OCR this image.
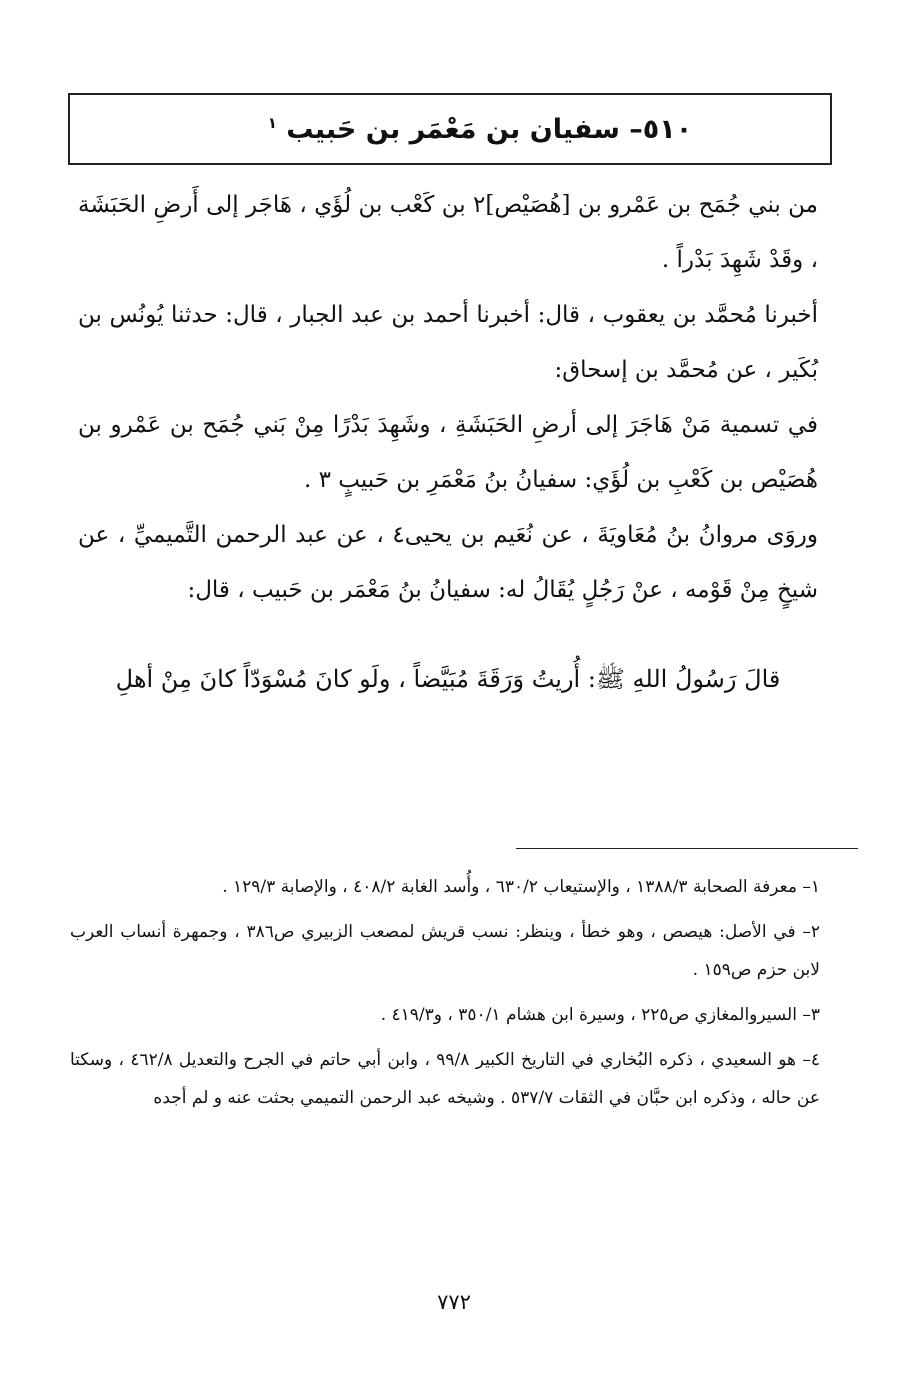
٥١٠– سفيان بن مَعْمَر بن حَبيب $^١$

من بني جُمَح بن عَمْرو بن [هُصَيْص]٢ بن كَعْب بن لُؤَي ، هَاجَر إلى أَرضِ الحَبَشَة ، وقَدْ شَهِدَ بَدْراً .

أخبرنا مُحمَّد بن يعقوب ، قال: أخبرنا أحمد بن عبد الجبار ، قال: حدثنا يُونُس بن بُكَير ، عن مُحمَّد بن إسحاق:

في تسمية مَنْ هَاجَرَ إلى أرضِ الحَبَشَةِ ، وشَهِدَ بَدْرًا مِنْ بَني جُمَح بن عَمْرو بن هُصَيْص بن كَعْبِ بن لُؤَي: سفيانُ بنُ مَعْمَرِ بن حَبيبٍ ٣ .

وروَى مروانُ بنُ مُعَاويَةَ ، عن نُعَيم بن يحيى٤ ، عن عبد الرحمن التَّميميِّ ، عن شيخٍ مِنْ قَوْمه ، عنْ رَجُلٍ يُقَالُ له: سفيانُ بنُ مَعْمَر بن حَبيب ، قال:

قالَ رَسُولُ اللهِ ﷺ: أُريتُ وَرَقَةَ مُبَيَّضاً ، ولَو كانَ مُسْوَدّاً كانَ مِنْ أهلِ

١– معرفة الصحابة ١٣٨٨/٣ ، والإستيعاب ٦٣٠/٢ ، وأُسد الغابة ٤٠٨/٢ ، والإصابة ١٢٩/٣ .

٢– في الأصل: هيصص ، وهو خطأ ، وينظر: نسب قريش لمصعب الزبيري ص٣٨٦ ، وجمهرة أنساب العرب لابن حزم ص١٥٩ .

٣– السيروالمغازي ص٢٢٥ ، وسيرة ابن هشام ٣٥٠/١ ، و٤١٩/٣ .

٤– هو السعيدي ، ذكره البُخاري في التاريخ الكبير ٩٩/٨ ، وابن أبي حاتم في الجرح والتعديل ٤٦٢/٨ ، وسكتا عن حاله ، وذكره ابن حبَّان في الثقات ٥٣٧/٧ . وشيخه عبد الرحمن التميمي بحثت عنه و لم أجده

٧٧٢
